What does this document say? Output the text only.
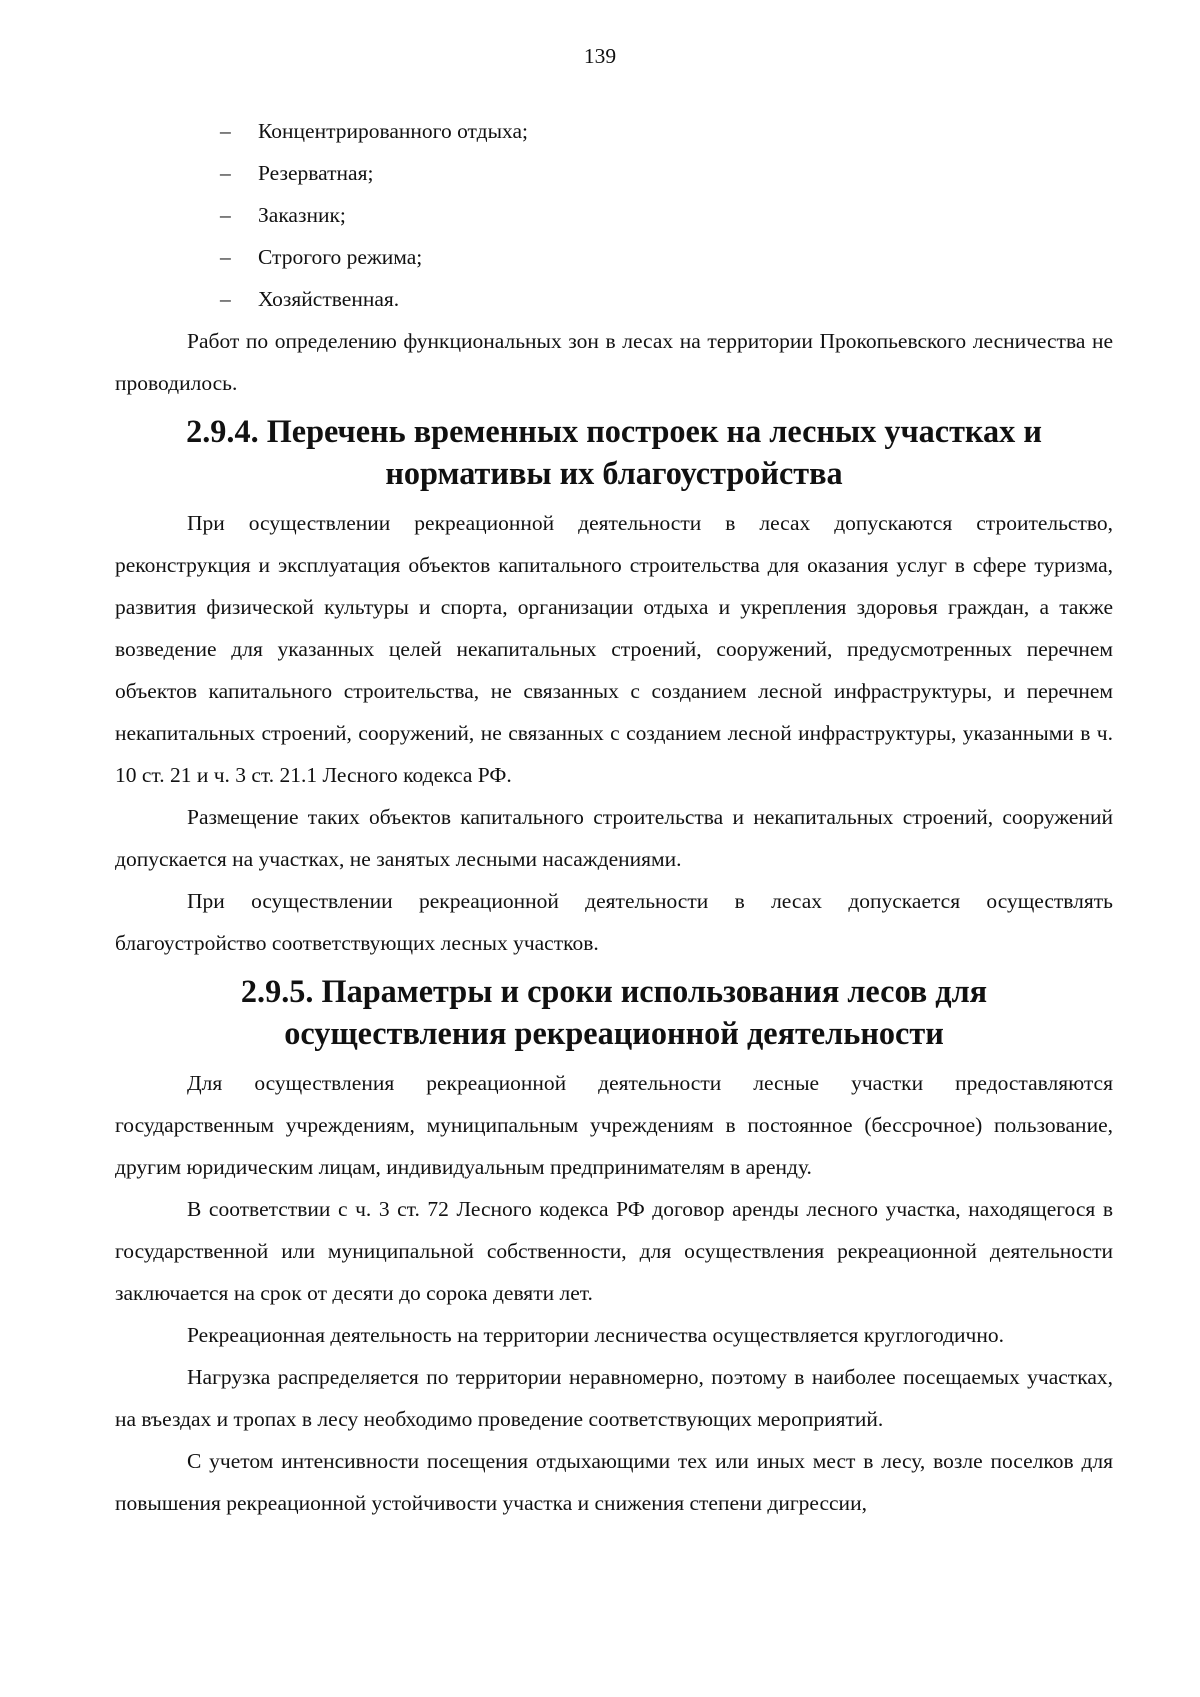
139
– Концентрированного отдыха;
– Резерватная;
– Заказник;
– Строгого режима;
– Хозяйственная.

Работ по определению функциональных зон в лесах на территории Прокопьевского лесничества не проводилось.

2.9.4. Перечень временных построек на лесных участках и нормативы их благоустройства

При осуществлении рекреационной деятельности в лесах допускаются строительство, реконструкция и эксплуатация объектов капитального строительства для оказания услуг в сфере туризма, развития физической культуры и спорта, организации отдыха и укрепления здоровья граждан, а также возведение для указанных целей некапитальных строений, сооружений, предусмотренных перечнем объектов капитального строительства, не связанных с созданием лесной инфраструктуры, и перечнем некапитальных строений, сооружений, не связанных с созданием лесной инфраструктуры, указанными в ч. 10 ст. 21 и ч. 3 ст. 21.1 Лесного кодекса РФ.

Размещение таких объектов капитального строительства и некапитальных строений, сооружений допускается на участках, не занятых лесными насаждениями.

При осуществлении рекреационной деятельности в лесах допускается осуществлять благоустройство соответствующих лесных участков.

2.9.5. Параметры и сроки использования лесов для осуществления рекреационной деятельности

Для осуществления рекреационной деятельности лесные участки предоставляются государственным учреждениям, муниципальным учреждениям в постоянное (бессрочное) пользование, другим юридическим лицам, индивидуальным предпринимателям в аренду.

В соответствии с ч. 3 ст. 72 Лесного кодекса РФ договор аренды лесного участка, находящегося в государственной или муниципальной собственности, для осуществления рекреационной деятельности заключается на срок от десяти до сорока девяти лет.

Рекреационная деятельность на территории лесничества осуществляется круглогодично.

Нагрузка распределяется по территории неравномерно, поэтому в наиболее посещаемых участках, на въездах и тропах в лесу необходимо проведение соответствующих мероприятий.

С учетом интенсивности посещения отдыхающими тех или иных мест в лесу, возле поселков для повышения рекреационной устойчивости участка и снижения степени дигрессии,
